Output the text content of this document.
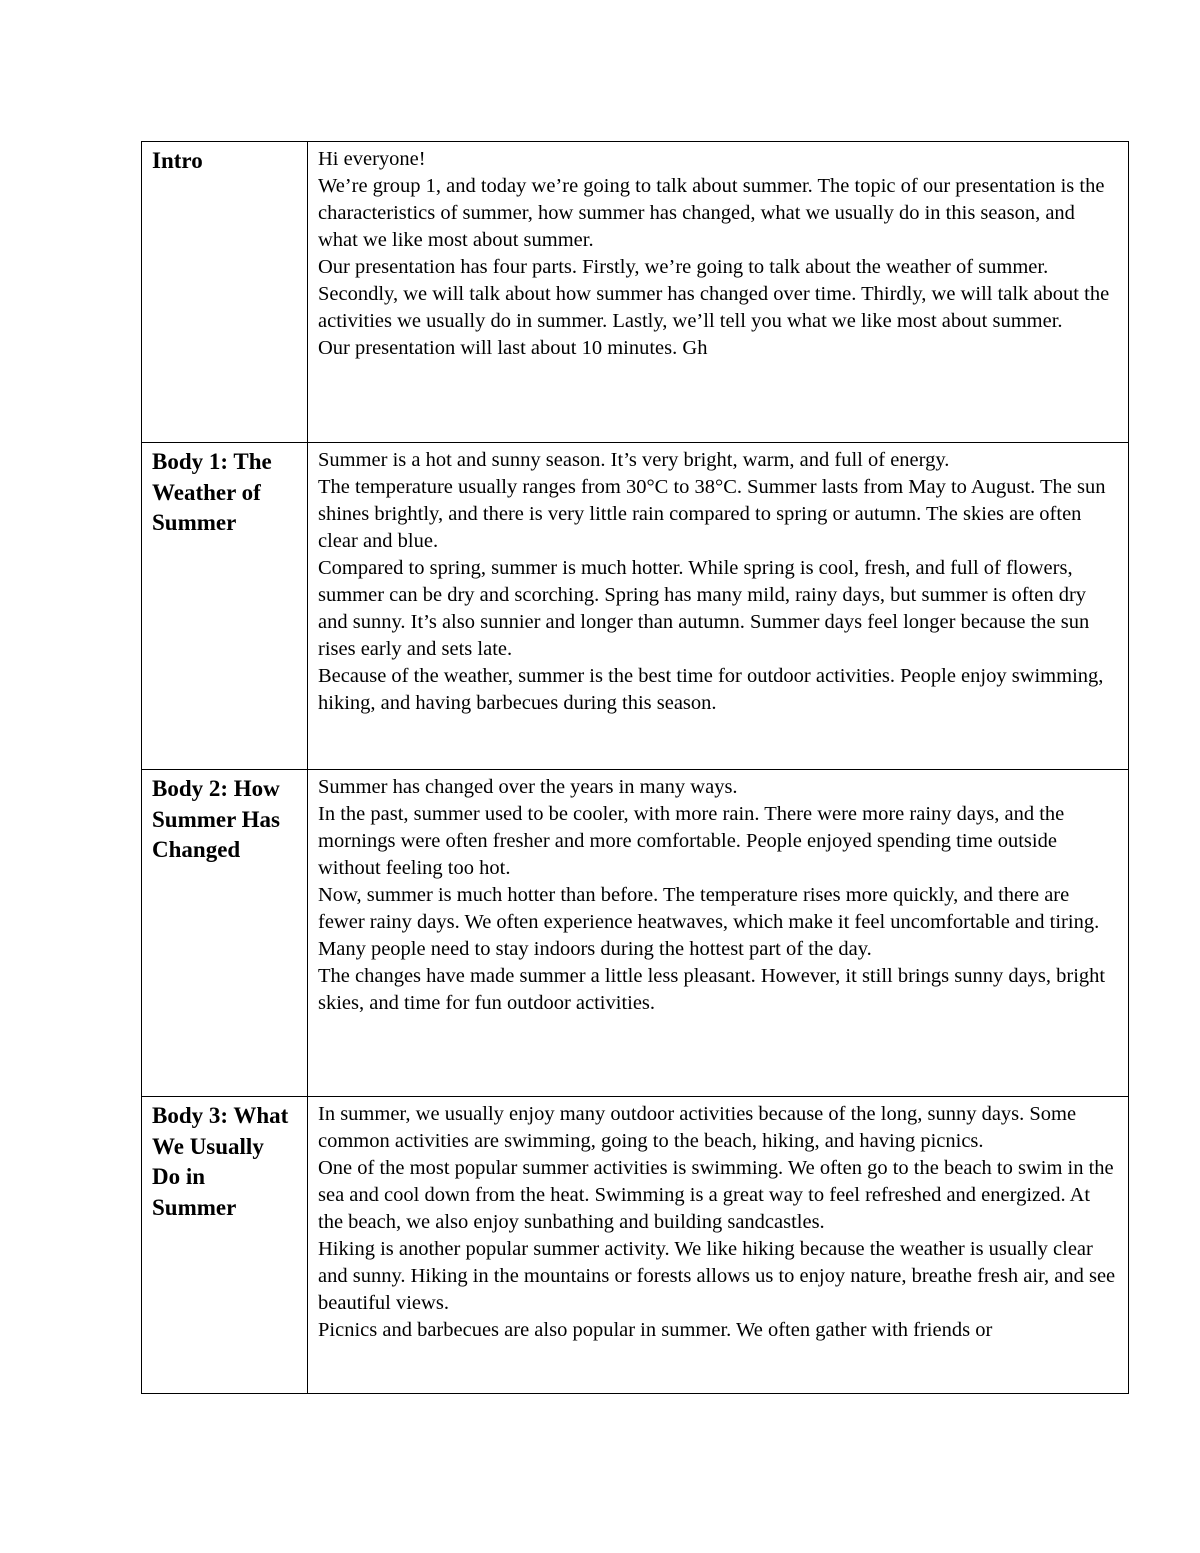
Intro	Hi everyone!

We’re group 1, and today we’re going to talk about summer. The topic of our presentation is the characteristics of summer, how summer has changed, what we usually do in this season, and what we like most about summer.

Our presentation has four parts. Firstly, we’re going to talk about the weather of summer. Secondly, we will talk about how summer has changed over time. Thirdly, we will talk about the activities we usually do in summer. Lastly, we’ll tell you what we like most about summer.

Our presentation will last about 10 minutes. Gh

Body 1: The Weather of Summer	Summer is a hot and sunny season. It’s very bright, warm, and full of energy.

The temperature usually ranges from 30°C to 38°C. Summer lasts from May to August. The sun shines brightly, and there is very little rain compared to spring or autumn. The skies are often clear and blue.

Compared to spring, summer is much hotter. While spring is cool, fresh, and full of flowers, summer can be dry and scorching. Spring has many mild, rainy days, but summer is often dry and sunny. It’s also sunnier and longer than autumn. Summer days feel longer because the sun rises early and sets late.

Because of the weather, summer is the best time for outdoor activities. People enjoy swimming, hiking, and having barbecues during this season.

Body 2: How Summer Has Changed	Summer has changed over the years in many ways.

In the past, summer used to be cooler, with more rain. There were more rainy days, and the mornings were often fresher and more comfortable. People enjoyed spending time outside without feeling too hot.

Now, summer is much hotter than before. The temperature rises more quickly, and there are fewer rainy days. We often experience heatwaves, which make it feel uncomfortable and tiring. Many people need to stay indoors during the hottest part of the day.

The changes have made summer a little less pleasant. However, it still brings sunny days, bright skies, and time for fun outdoor activities.

Body 3: What We Usually Do in Summer	In summer, we usually enjoy many outdoor activities because of the long, sunny days. Some common activities are swimming, going to the beach, hiking, and having picnics.

One of the most popular summer activities is swimming. We often go to the beach to swim in the sea and cool down from the heat. Swimming is a great way to feel refreshed and energized. At the beach, we also enjoy sunbathing and building sandcastles.

Hiking is another popular summer activity. We like hiking because the weather is usually clear and sunny. Hiking in the mountains or forests allows us to enjoy nature, breathe fresh air, and see beautiful views.

Picnics and barbecues are also popular in summer. We often gather with friends or
